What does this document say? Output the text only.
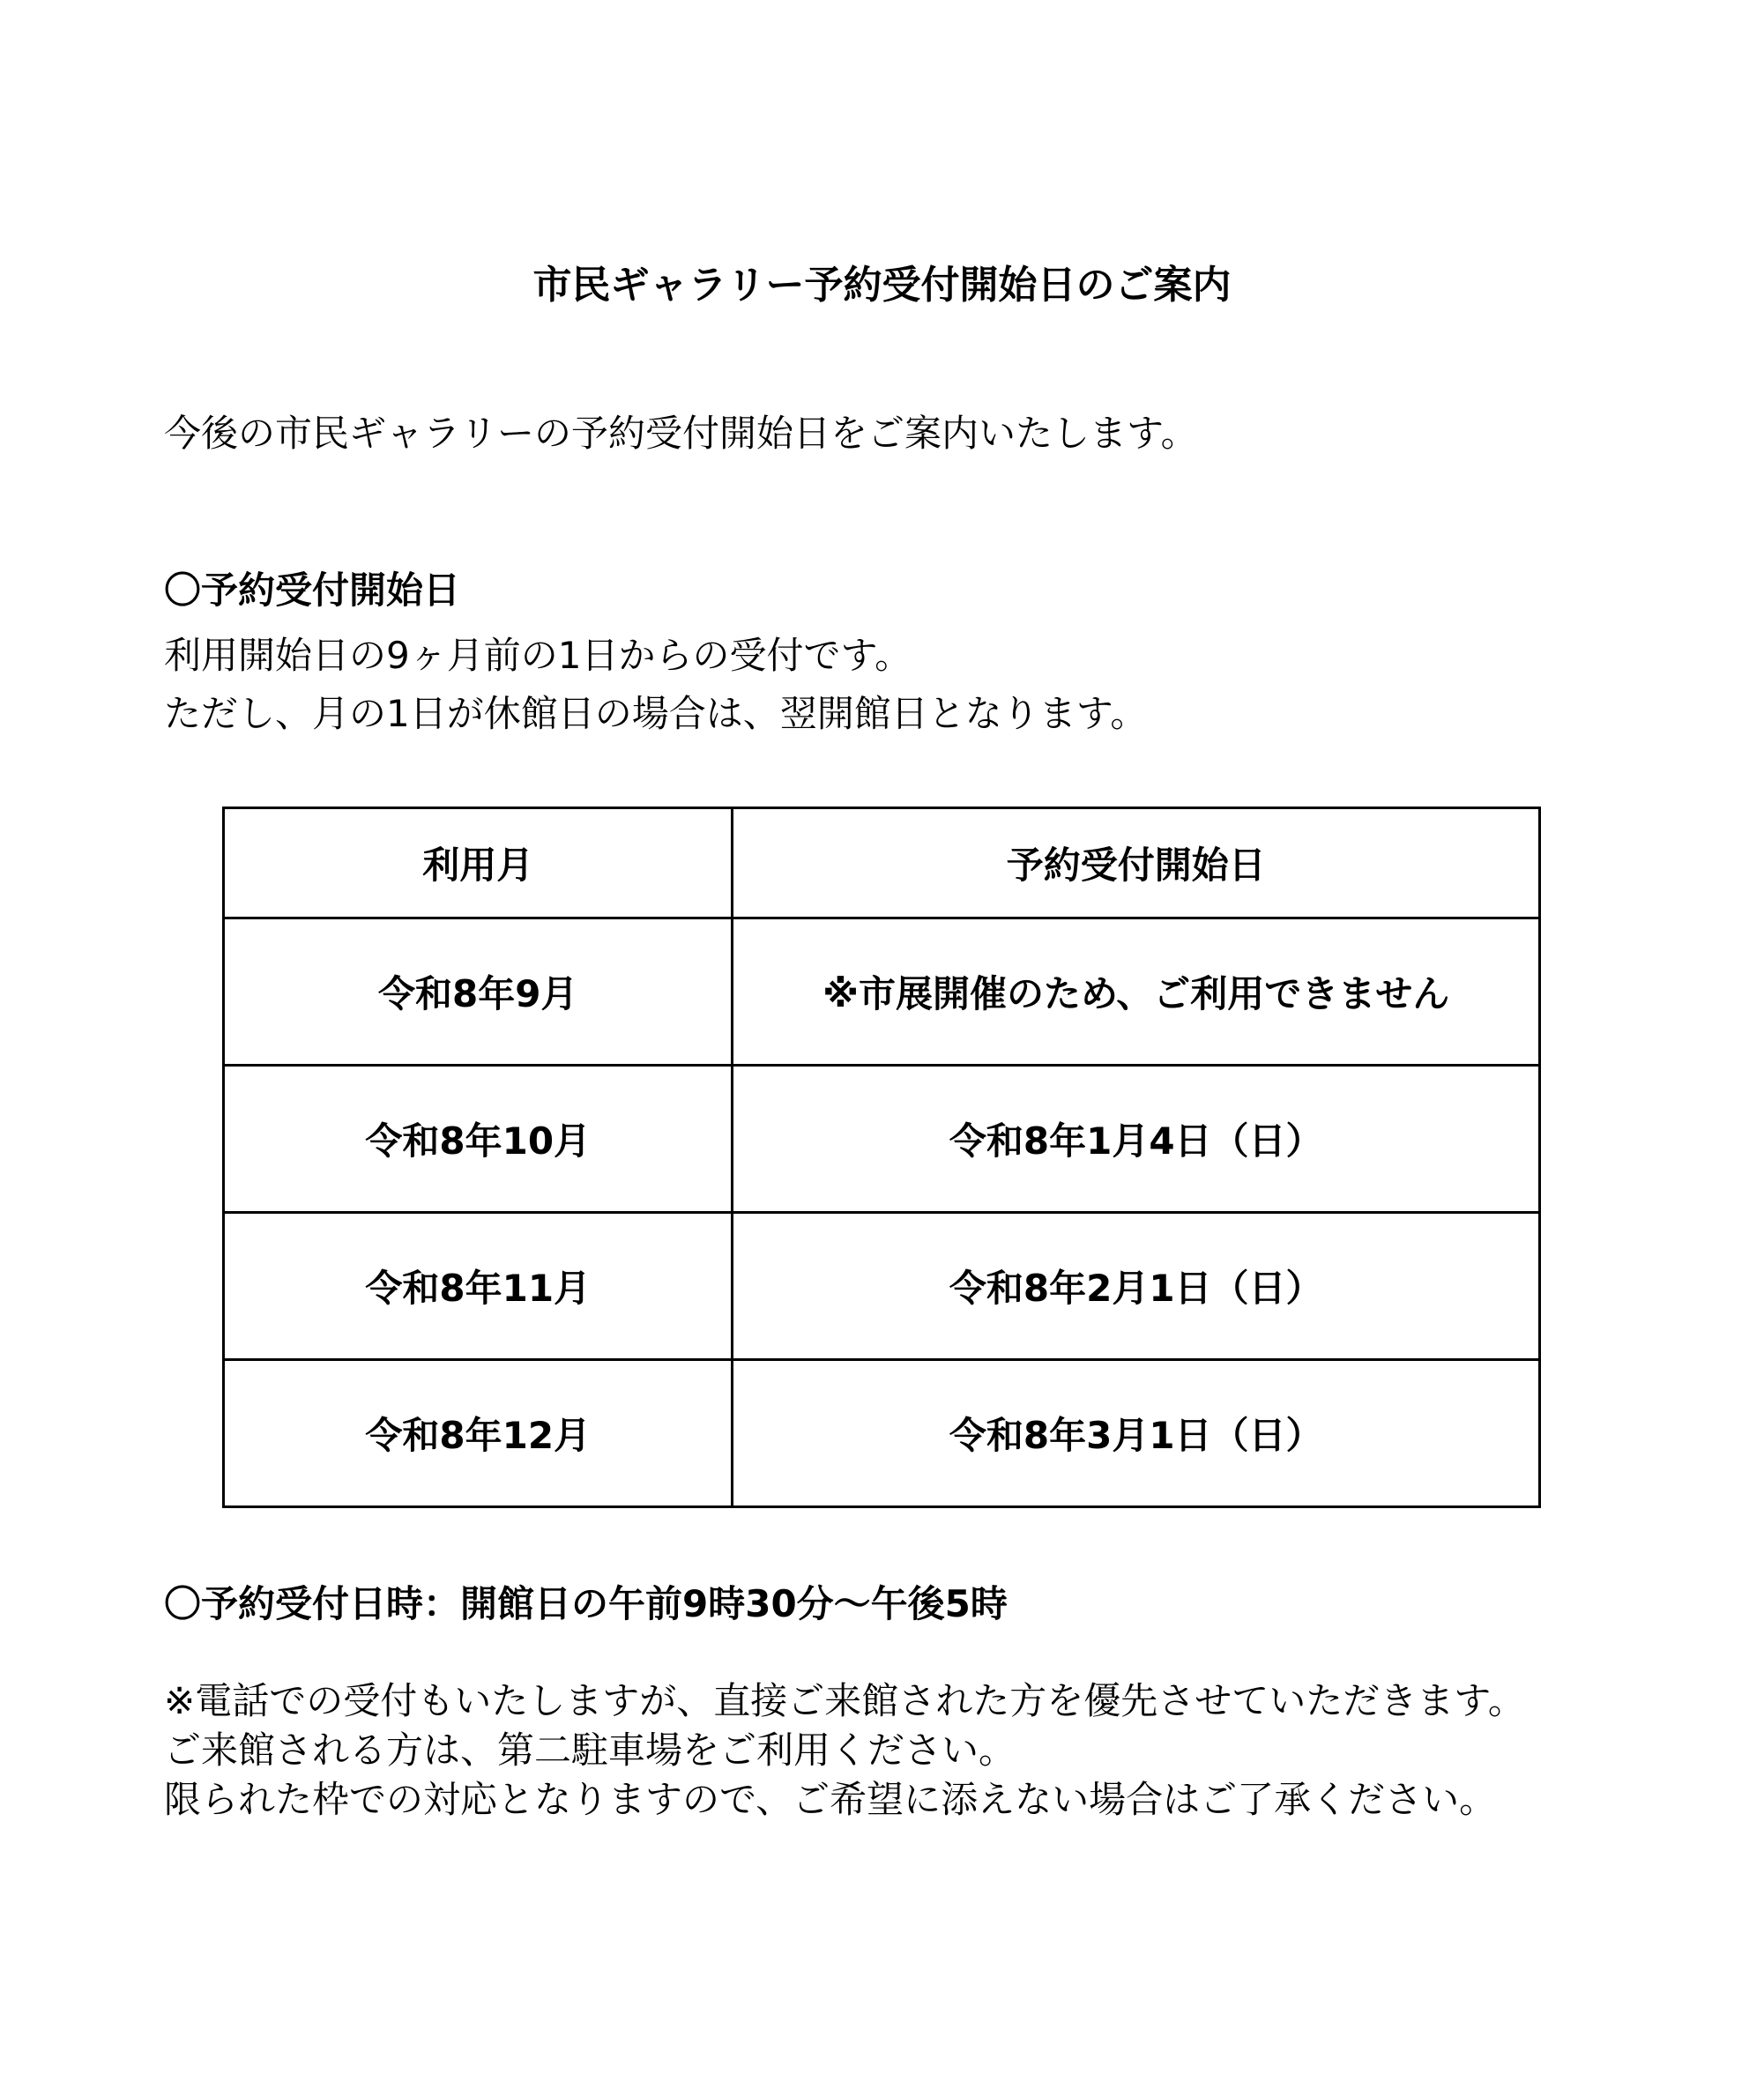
市民ギャラリー予約受付開始日のご案内

今後の市民ギャラリーの予約受付開始日をご案内いたします。

〇予約受付開始日

利用開始日の9ヶ月前の1日からの受付です。

ただし、月の1日が休館日の場合は、翌開館日となります。

利用月	予約受付開始日
令和8年9月	※市展開催のため、ご利用できません
令和8年10月	令和8年1月4日（日）
令和8年11月	令和8年2月1日（日）
令和8年12月	令和8年3月1日（日）

〇予約受付日時：開館日の午前9時30分～午後5時

※電話での受付もいたしますが、直接ご来館された方を優先させていただきます。

ご来館される方は、第二駐車場をご利用ください。

限られた枠での対応となりますので、ご希望に添えない場合はご了承ください。
